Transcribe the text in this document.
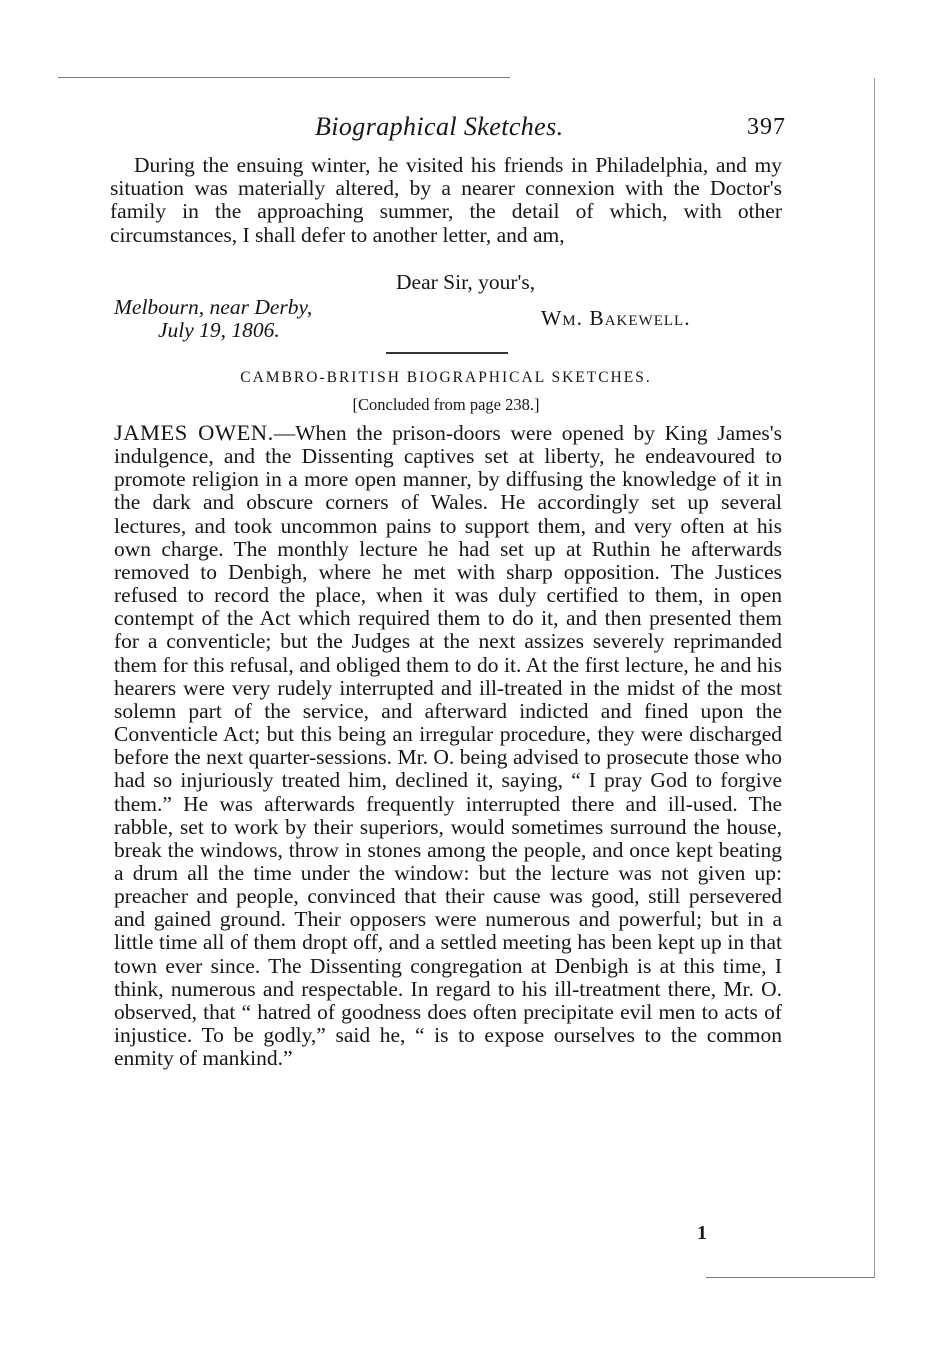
Biographical Sketches.	397

During the ensuing winter, he visited his friends in Philadelphia, and my situation was materially altered, by a nearer connexion with the Doctor's family in the approaching summer, the detail of which, with other circumstances, I shall defer to another letter, and am,

Dear Sir, your's,
Melbourn, near Derby,
July 19, 1806.	Wm. Bakewell.
CAMBRO-BRITISH BIOGRAPHICAL SKETCHES.
[Concluded from page 238.]

JAMES OWEN.—When the prison-doors were opened by King James's indulgence, and the Dissenting captives set at liberty, he endeavoured to promote religion in a more open manner, by diffusing the knowledge of it in the dark and obscure corners of Wales. He accordingly set up several lectures, and took uncommon pains to support them, and very often at his own charge. The monthly lecture he had set up at Ruthin he afterwards removed to Denbigh, where he met with sharp opposition. The Justices refused to record the place, when it was duly certified to them, in open contempt of the Act which required them to do it, and then presented them for a conventicle; but the Judges at the next assizes severely reprimanded them for this refusal, and obliged them to do it. At the first lecture, he and his hearers were very rudely interrupted and ill-treated in the midst of the most solemn part of the service, and afterward indicted and fined upon the Conventicle Act; but this being an irregular procedure, they were discharged before the next quarter-sessions. Mr. O. being advised to prosecute those who had so injuriously treated him, declined it, saying, “ I pray God to forgive them.” He was afterwards frequently interrupted there and ill-used. The rabble, set to work by their superiors, would sometimes surround the house, break the windows, throw in stones among the people, and once kept beating a drum all the time under the window: but the lecture was not given up: preacher and people, convinced that their cause was good, still persevered and gained ground. Their opposers were numerous and powerful; but in a little time all of them dropt off, and a settled meeting has been kept up in that town ever since. The Dissenting congregation at Denbigh is at this time, I think, numerous and respectable. In regard to his ill-treatment there, Mr. O. observed, that “ hatred of goodness does often precipitate evil men to acts of injustice. To be godly,” said he, “ is to expose ourselves to the common enmity of mankind.”

1
